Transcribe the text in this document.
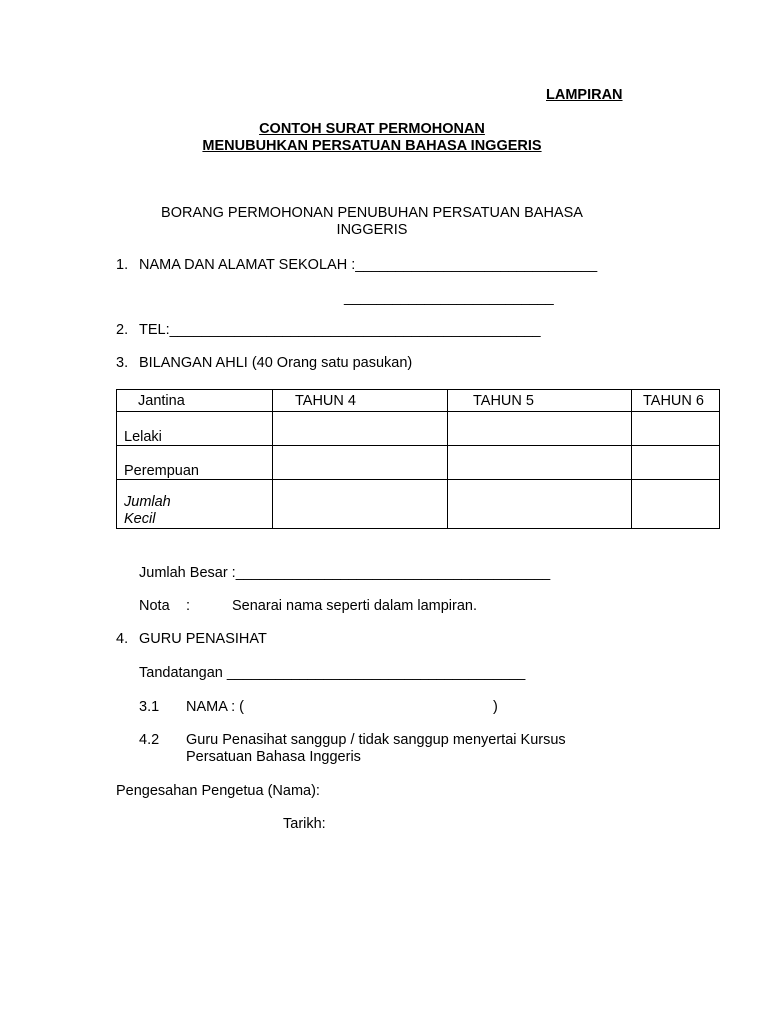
LAMPIRAN
CONTOH SURAT PERMOHONAN
MENUBUHKAN PERSATUAN BAHASA INGGERIS
BORANG PERMOHONAN PENUBUHAN PERSATUAN BAHASA
INGGERIS
1. NAMA DAN ALAMAT SEKOLAH :______________________________
__________________________
2. TEL:______________________________________________
3. BILANGAN AHLI (40 Orang satu pasukan)
Jantina	TAHUN 4	TAHUN 5	TAHUN 6
Lelaki			
Perempuan			

Jumlah
Kecil			

Jumlah Besar :_______________________________________
Nota :	Senarai nama seperti dalam lampiran.
4. GURU PENASIHAT
Tandatangan _____________________________________
3.1 NAMA : (	)
4.2 Guru Penasihat sanggup / tidak sanggup menyertai Kursus
Persatuan Bahasa Inggeris
Pengesahan Pengetua (Nama):
Tarikh:
